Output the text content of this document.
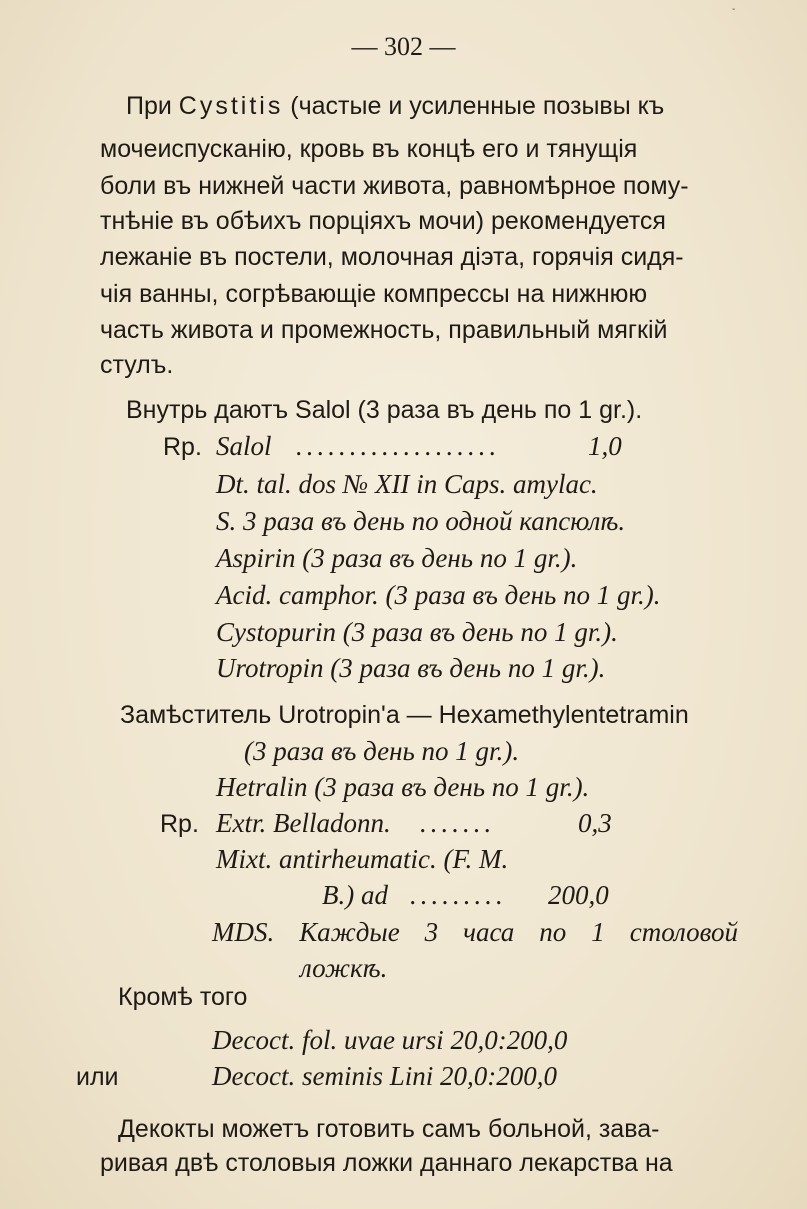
-
— 302 —
При Cystitis (частые и усиленные позывы къ
мочеиспусканію, кровь въ концѣ его и тянущія
боли въ нижней части живота, равномѣрное пому-
тнѣніе въ обѣихъ порціяхъ мочи) рекомендуется
лежаніе въ постели, молочная діэта, горячія сидя-
чія ванны, согрѣвающіе компрессы на нижнюю
часть живота и промежность, правильный мягкій
стулъ.
Внутрь даютъ Salol (3 раза въ день по 1 gr.).
Rp. Salol ...................	1,0
Dt. tal. dos № XII in Caps. amylac.
S. 3 раза въ день по одной капсюлѣ.
Aspirin (3 раза въ день по 1 gr.).
Acid. camphor. (3 раза въ день по 1 gr.).
Cystopurin (3 раза въ день по 1 gr.).
Urotropin (3 раза въ день по 1 gr.).
Замѣститель Urotropin'а — Hexamethylentetramin
(3 раза въ день по 1 gr.).
Hetralin (3 раза въ день по 1 gr.).
Rp. Extr. Belladonn. .......	0,3
Mixt. antirheumatic. (F. M.
B.) ad ......... 200,0
MDS. Каждые 3 часа по 1 столовой
ложкѣ.
Кромѣ того
Decoct. fol. uvae ursi 20,0:200,0
или	Decoct. seminis Lini 20,0:200,0
Декокты можетъ готовить самъ больной, зава-
ривая двѣ столовыя ложки даннаго лекарства на
